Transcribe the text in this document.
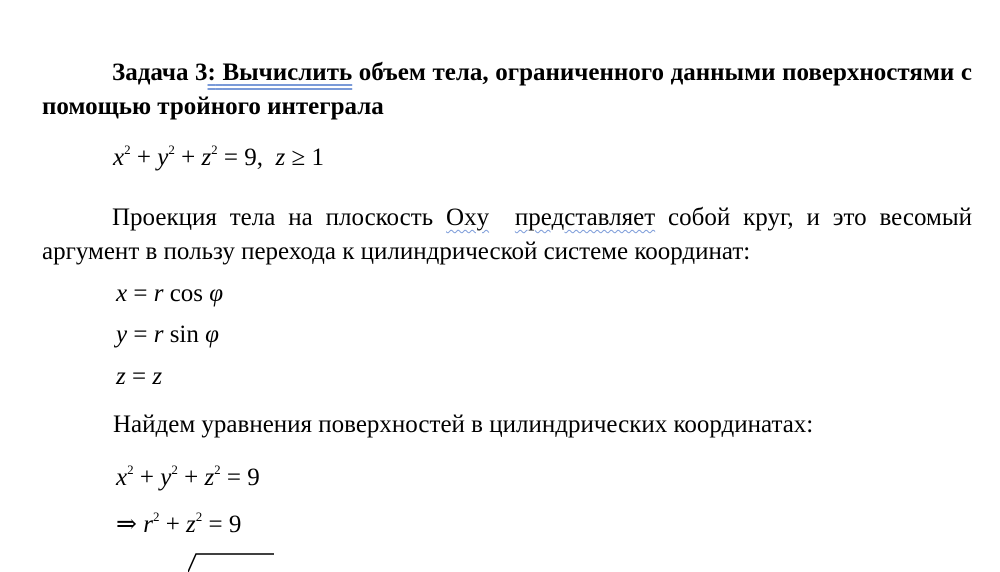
Задача 3: Вычислить объем тела, ограниченного данными поверхностями с помощью тройного интеграла
$x^2 + y^2 + z^2 = 9$,  z ≥ 1
Проекция тела на плоскость Oxy представляет собой круг, и это весомый аргумент в пользу перехода к цилиндрической системе координат:
x = r cos φ
y = r sin φ
z = z
Найдем уравнения поверхностей в цилиндрических координатах:
$x^2 + y^2 + z^2 = 9$
⇒ $r^2 + z^2 = 9$
